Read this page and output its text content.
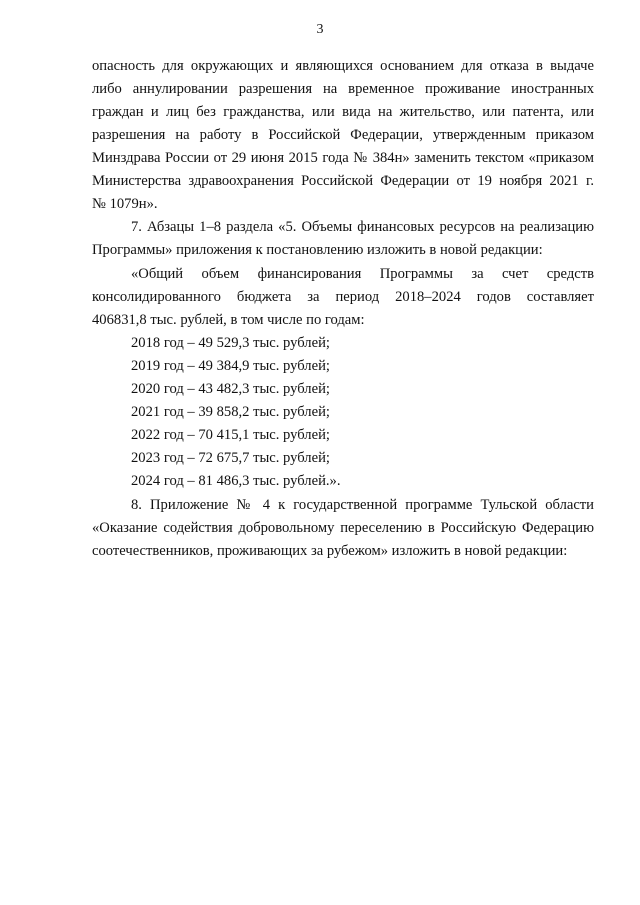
3
опасность для окружающих и являющихся основанием для отказа в выдаче
либо аннулировании разрешения на временное проживание иностранных
граждан и лиц без гражданства, или вида на жительство, или патента, или
разрешения на работу в Российской Федерации, утвержденным приказом
Минздрава России от 29 июня 2015 года № 384н» заменить текстом «приказом
Министерства здравоохранения Российской Федерации от 19 ноября 2021 г.
№ 1079н».
7. Абзацы 1–8 раздела «5. Объемы финансовых ресурсов на реализацию
Программы» приложения к постановлению изложить в новой редакции:
«Общий объем финансирования Программы за счет средств
консолидированного бюджета за период 2018–2024 годов составляет
406831,8 тыс. рублей, в том числе по годам:
2018 год – 49 529,3 тыс. рублей;
2019 год – 49 384,9 тыс. рублей;
2020 год – 43 482,3 тыс. рублей;
2021 год – 39 858,2 тыс. рублей;
2022 год – 70 415,1 тыс. рублей;
2023 год – 72 675,7 тыс. рублей;
2024 год – 81 486,3 тыс. рублей.».
8. Приложение № 4 к государственной программе Тульской области
«Оказание содействия добровольному переселению в Российскую Федерацию
соотечественников, проживающих за рубежом» изложить в новой редакции:
